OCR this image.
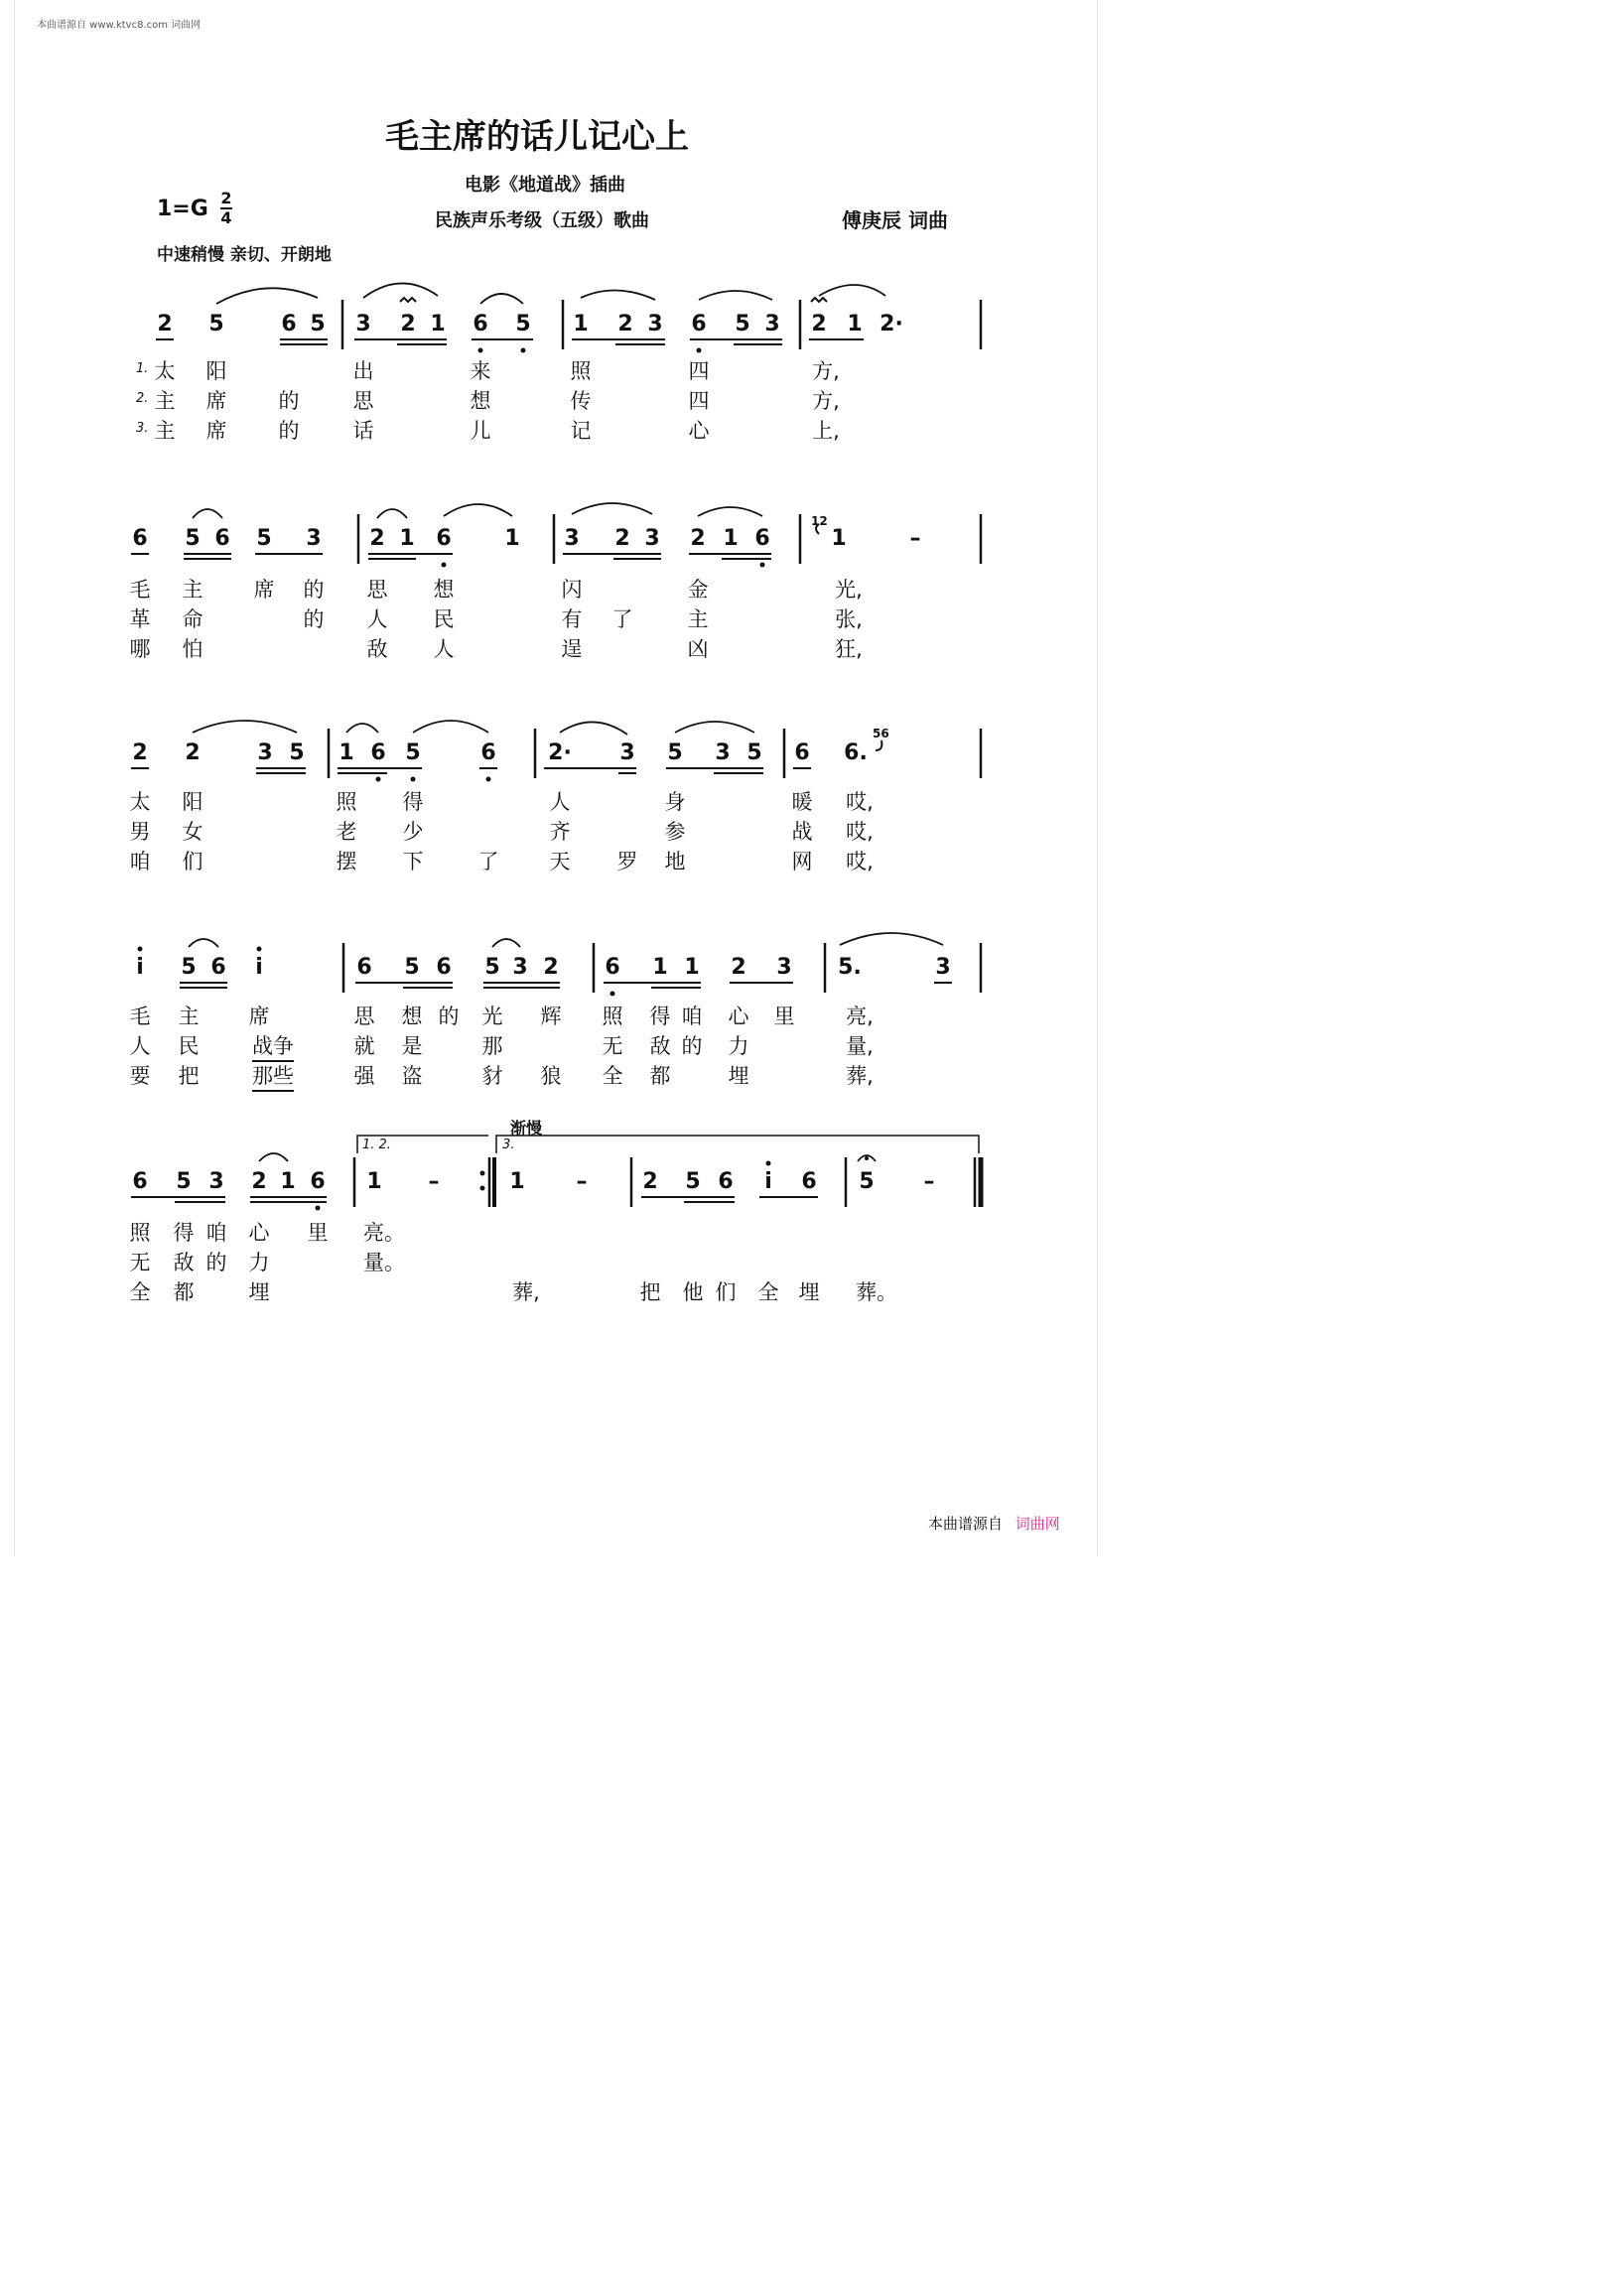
本曲谱源自 www.ktvc8.com 词曲网
毛主席的话儿记心上
电影《地道战》插曲
1=G 2
4	民族声乐考级（五级）歌曲	傅庚辰 词曲
中速稍慢 亲切、开朗地
2 5	6 5 3 2 1 6 5 1 2 3 6 5 3 2 1 2·
1.
2.
3.
太 阳	出	来	照	四	方,
主 席 的	思	想	传	四	方,
主 席 的	话	儿	记	心	上,
6 5 6 5 3 2 1 6 1 3 2 3 2 1 6	1	–
12
毛 主 席 的 思 想	闪	金	光,
革 命	的 人 民	有 了	主	张,
哪 怕	敌 人	逞	凶	狂,
2 2	3 5 1 6 5	6 2· 3 5 3 5 6 6.
56
太 阳	照 得	人	身	暖 哎,
男 女	老 少	齐	参	战 哎,
咱 们	摆 下	了 天 罗 地	网 哎,
i 5 6 i	6 5 6 5 3 2 6 1 1 2 3 5.	3
毛 主 席	思 想 的 光 辉 照 得 咱 心 里 亮,
人 民	战争	就 是	那	无 敌 的 力	量,
要 把	那些	强 盗	豺 狼 全 都	埋	葬,
渐慢
1. 2.	3.
6 5 3 2 1 6 1 –	1 –	2 5 6 i 6 5 –
照 得 咱 心 里 亮。
无 敌 的 力	量。
全 都	埋	葬,	把 他 们 全 埋 葬。
本曲谱源自 词曲网
